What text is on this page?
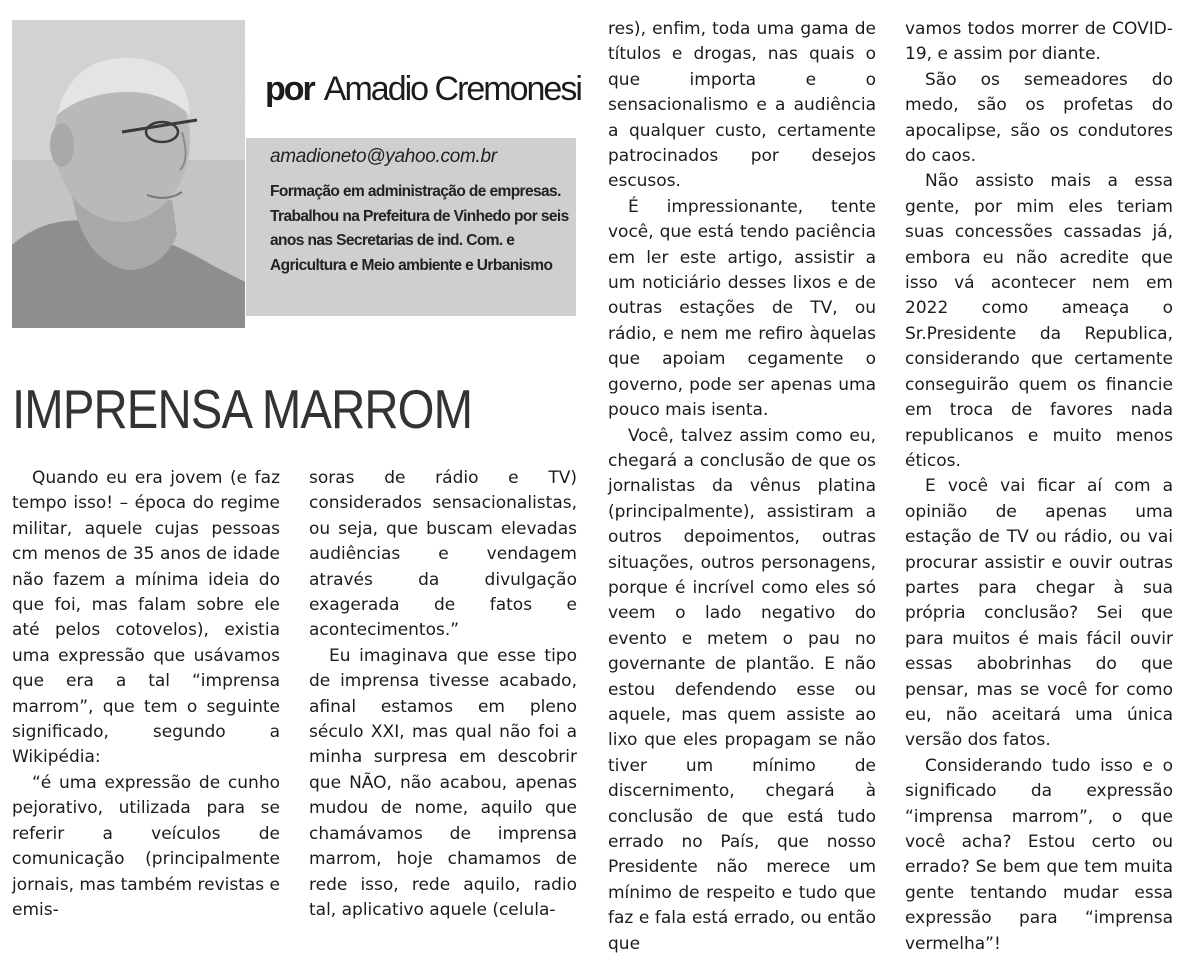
por Amadio Cremonesi
amadioneto@yahoo.com.br
Formação em administração de empresas. Trabalhou na Prefeitura de Vinhedo por seis anos nas Secretarias de ind. Com. e Agricultura e Meio ambiente e Urbanismo
IMPRENSA MARROM

Quando eu era jovem (e faz tempo isso! – época do regime militar, aquele cujas pessoas cm menos de 35 anos de idade não fazem a mínima ideia do que foi, mas falam sobre ele até pelos cotovelos), existia uma expressão que usávamos que era a tal “imprensa marrom”, que tem o seguinte significado, segundo a Wikipédia:

“é uma expressão de cunho pejorativo, utilizada para se referir a veículos de comunicação (principalmente jornais, mas também revistas e emis-

soras de rádio e TV) considerados sensacionalistas, ou seja, que buscam elevadas audiências e vendagem através da divulgação exagerada de fatos e acontecimentos.”

Eu imaginava que esse tipo de imprensa tivesse acabado, afinal estamos em pleno século XXI, mas qual não foi a minha surpresa em descobrir que NÃO, não acabou, apenas mudou de nome, aquilo que chamávamos de imprensa marrom, hoje chamamos de rede isso, rede aquilo, radio tal, aplicativo aquele (celula-

res), enfim, toda uma gama de títulos e drogas, nas quais o que importa e o sensacionalismo e a audiência a qualquer custo, certamente patrocinados por desejos escusos.

É impressionante, tente você, que está tendo paciência em ler este artigo, assistir a um noticiário desses lixos e de outras estações de TV, ou rádio, e nem me refiro àquelas que apoiam cegamente o governo, pode ser apenas uma pouco mais isenta.

Você, talvez assim como eu, chegará a conclusão de que os jornalistas da vênus platina (principalmente), assistiram a outros depoimentos, outras situações, outros personagens, porque é incrível como eles só veem o lado negativo do evento e metem o pau no governante de plantão. E não estou defendendo esse ou aquele, mas quem assiste ao lixo que eles propagam se não tiver um mínimo de discernimento, chegará à conclusão de que está tudo errado no País, que nosso Presidente não merece um mínimo de respeito e tudo que faz e fala está errado, ou então que

vamos todos morrer de COVID-19, e assim por diante.

São os semeadores do medo, são os profetas do apocalipse, são os condutores do caos.

Não assisto mais a essa gente, por mim eles teriam suas concessões cassadas já, embora eu não acredite que isso vá acontecer nem em 2022 como ameaça o Sr.Presidente da Republica, considerando que certamente conseguirão quem os financie em troca de favores nada republicanos e muito menos éticos.

E você vai ficar aí com a opinião de apenas uma estação de TV ou rádio, ou vai procurar assistir e ouvir outras partes para chegar à sua própria conclusão? Sei que para muitos é mais fácil ouvir essas abobrinhas do que pensar, mas se você for como eu, não aceitará uma única versão dos fatos.

Considerando tudo isso e o significado da expressão “imprensa marrom”, o que você acha? Estou certo ou errado? Se bem que tem muita gente tentando mudar essa expressão para “imprensa vermelha”!
